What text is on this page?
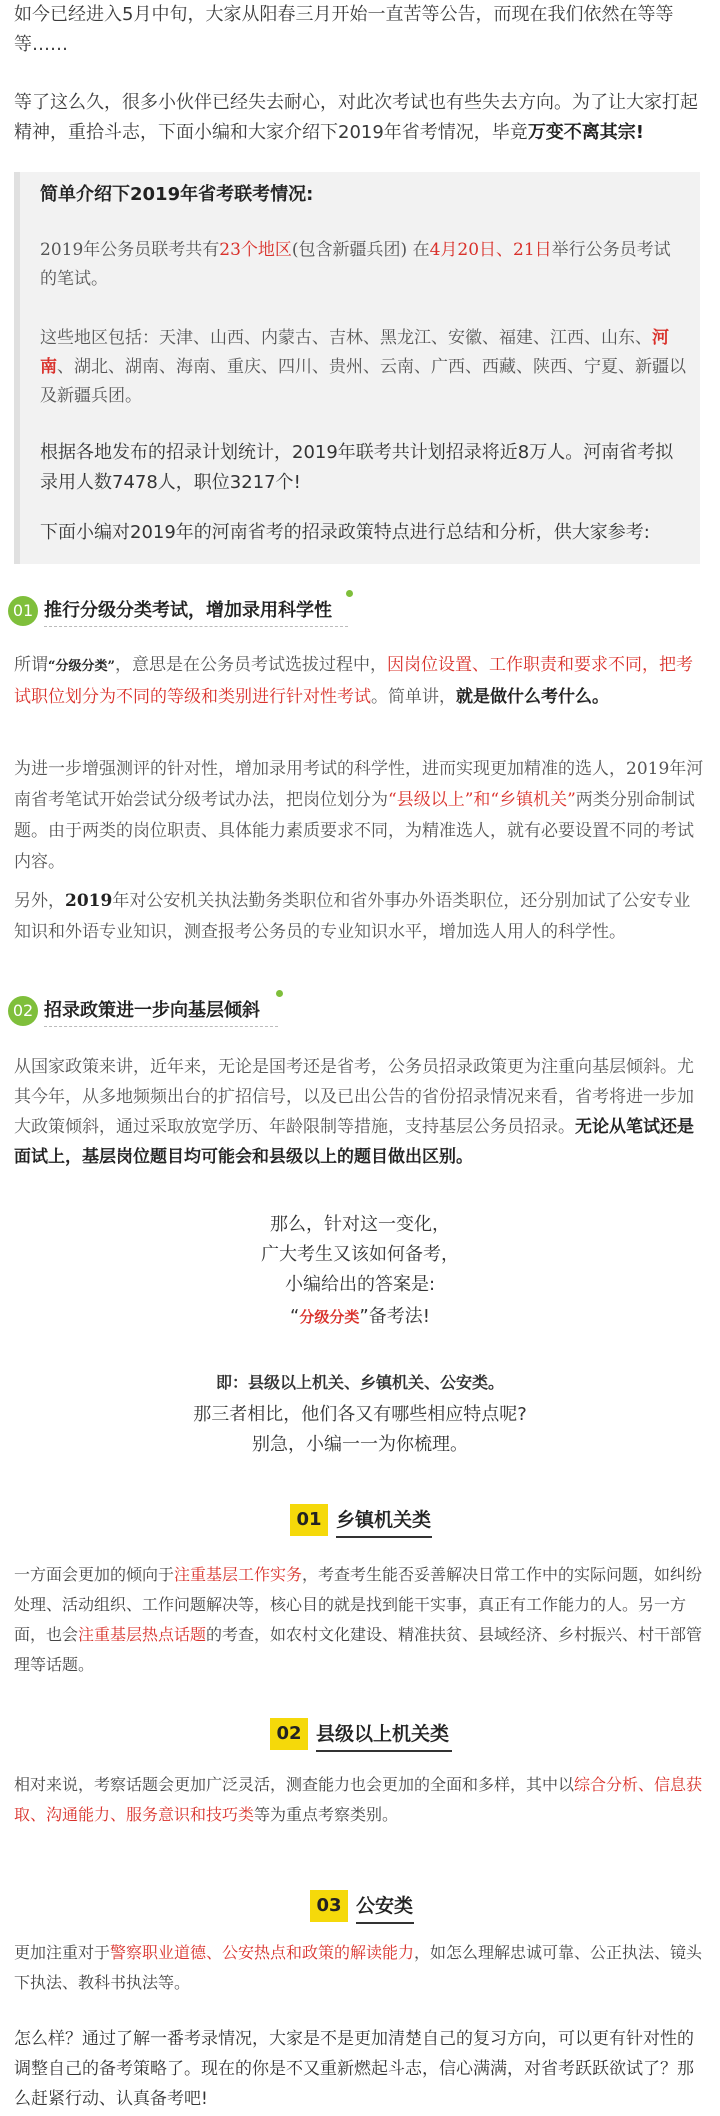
如今已经进入5月中旬，大家从阳春三月开始一直苦等公告，而现在我们依然在等等等……

等了这么久，很多小伙伴已经失去耐心，对此次考试也有些失去方向。为了让大家打起精神，重拾斗志，下面小编和大家介绍下2019年省考情况，毕竟万变不离其宗!

简单介绍下2019年省考联考情况:

2019年公务员联考共有23个地区(包含新疆兵团) 在4月20日、21日举行公务员考试的笔试。

这些地区包括：天津、山西、内蒙古、吉林、黑龙江、安徽、福建、江西、山东、河南、湖北、湖南、海南、重庆、四川、贵州、云南、广西、西藏、陕西、宁夏、新疆以及新疆兵团。

根据各地发布的招录计划统计，2019年联考共计划招录将近8万人。河南省考拟录用人数7478人，职位3217个!

下面小编对2019年的河南省考的招录政策特点进行总结和分析，供大家参考:

01 推行分级分类考试，增加录用科学性

所谓“分级分类”，意思是在公务员考试选拔过程中，因岗位设置、工作职责和要求不同，把考试职位划分为不同的等级和类别进行针对性考试。简单讲，就是做什么考什么。

为进一步增强测评的针对性，增加录用考试的科学性，进而实现更加精准的选人，2019年河南省考笔试开始尝试分级考试办法，把岗位划分为“县级以上”和“乡镇机关”两类分别命制试题。由于两类的岗位职责、具体能力素质要求不同，为精准选人，就有必要设置不同的考试内容。

另外，2019年对公安机关执法勤务类职位和省外事办外语类职位，还分别加试了公安专业知识和外语专业知识，测查报考公务员的专业知识水平，增加选人用人的科学性。

02 招录政策进一步向基层倾斜

从国家政策来讲，近年来，无论是国考还是省考，公务员招录政策更为注重向基层倾斜。尤其今年，从多地频频出台的扩招信号，以及已出公告的省份招录情况来看，省考将进一步加大政策倾斜，通过采取放宽学历、年龄限制等措施，支持基层公务员招录。无论从笔试还是面试上，基层岗位题目均可能会和县级以上的题目做出区别。

那么，针对这一变化，

广大考生又该如何备考，

小编给出的答案是:

“分级分类”备考法!

即：县级以上机关、乡镇机关、公安类。

那三者相比，他们各又有哪些相应特点呢?

别急，小编一一为你梳理。

01 乡镇机关类

一方面会更加的倾向于注重基层工作实务，考查考生能否妥善解决日常工作中的实际问题，如纠纷处理、活动组织、工作问题解决等，核心目的就是找到能干实事，真正有工作能力的人。另一方面，也会注重基层热点话题的考查，如农村文化建设、精准扶贫、县域经济、乡村振兴、村干部管理等话题。

02 县级以上机关类

相对来说，考察话题会更加广泛灵活，测查能力也会更加的全面和多样，其中以综合分析、信息获取、沟通能力、服务意识和技巧类等为重点考察类别。

03 公安类

更加注重对于警察职业道德、公安热点和政策的解读能力，如怎么理解忠诚可靠、公正执法、镜头下执法、教科书执法等。

怎么样？通过了解一番考录情况，大家是不是更加清楚自己的复习方向，可以更有针对性的调整自己的备考策略了。现在的你是不又重新燃起斗志，信心满满，对省考跃跃欲试了？那么赶紧行动、认真备考吧!
